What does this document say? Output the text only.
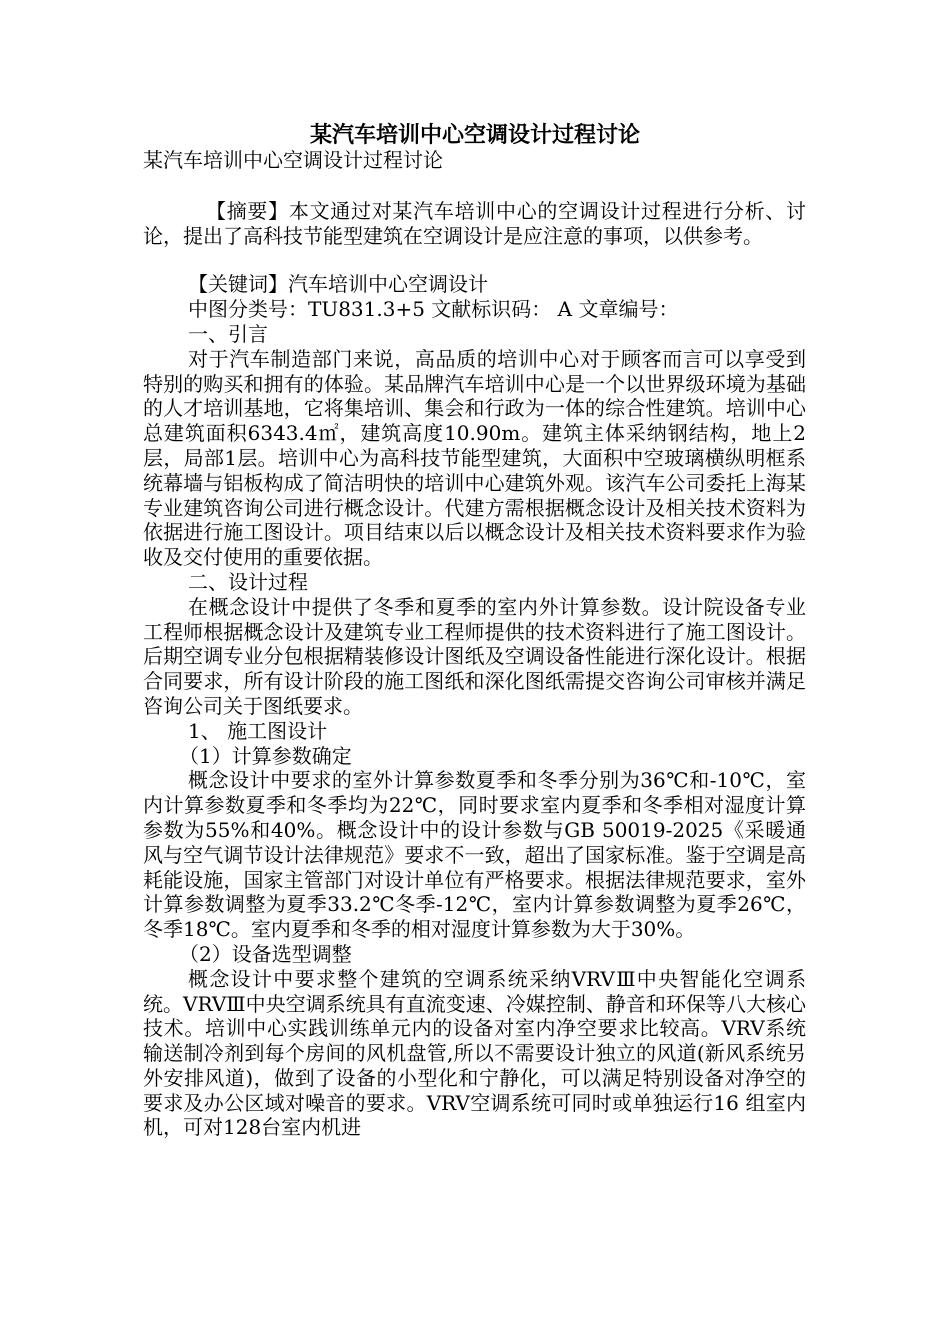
某汽车培训中心空调设计过程讨论

某汽车培训中心空调设计过程讨论

【摘要】本文通过对某汽车培训中心的空调设计过程进行分析、讨论，提出了高科技节能型建筑在空调设计是应注意的事项，以供参考。

【关键词】汽车培训中心空调设计

中图分类号：TU831.3+5 文献标识码： A 文章编号：

一、引言

对于汽车制造部门来说，高品质的培训中心对于顾客而言可以享受到特别的购买和拥有的体验。某品牌汽车培训中心是一个以世界级环境为基础的人才培训基地，它将集培训、集会和行政为一体的综合性建筑。培训中心总建筑面积6343.4㎡，建筑高度10.90m。建筑主体采纳钢结构，地上2层，局部1层。培训中心为高科技节能型建筑，大面积中空玻璃横纵明框系统幕墙与铝板构成了简洁明快的培训中心建筑外观。该汽车公司委托上海某专业建筑咨询公司进行概念设计。代建方需根据概念设计及相关技术资料为依据进行施工图设计。项目结束以后以概念设计及相关技术资料要求作为验收及交付使用的重要依据。

二、设计过程

在概念设计中提供了冬季和夏季的室内外计算参数。设计院设备专业工程师根据概念设计及建筑专业工程师提供的技术资料进行了施工图设计。后期空调专业分包根据精装修设计图纸及空调设备性能进行深化设计。根据合同要求，所有设计阶段的施工图纸和深化图纸需提交咨询公司审核并满足咨询公司关于图纸要求。

1、 施工图设计

（1）计算参数确定

概念设计中要求的室外计算参数夏季和冬季分别为36℃和-10℃，室内计算参数夏季和冬季均为22℃，同时要求室内夏季和冬季相对湿度计算参数为55%和40%。概念设计中的设计参数与GB 50019-2025《采暖通风与空气调节设计法律规范》要求不一致，超出了国家标准。鉴于空调是高耗能设施，国家主管部门对设计单位有严格要求。根据法律规范要求，室外计算参数调整为夏季33.2℃冬季-12℃，室内计算参数调整为夏季26℃，冬季18℃。室内夏季和冬季的相对湿度计算参数为大于30%。

（2）设备选型调整

概念设计中要求整个建筑的空调系统采纳VRVⅢ中央智能化空调系统。VRVⅢ中央空调系统具有直流变速、冷媒控制、静音和环保等八大核心技术。培训中心实践训练单元内的设备对室内净空要求比较高。VRV系统输送制冷剂到每个房间的风机盘管,所以不需要设计独立的风道(新风系统另外安排风道)，做到了设备的小型化和宁静化，可以满足特别设备对净空的要求及办公区域对噪音的要求。VRV空调系统可同时或单独运行16 组室内机，可对128台室内机进
